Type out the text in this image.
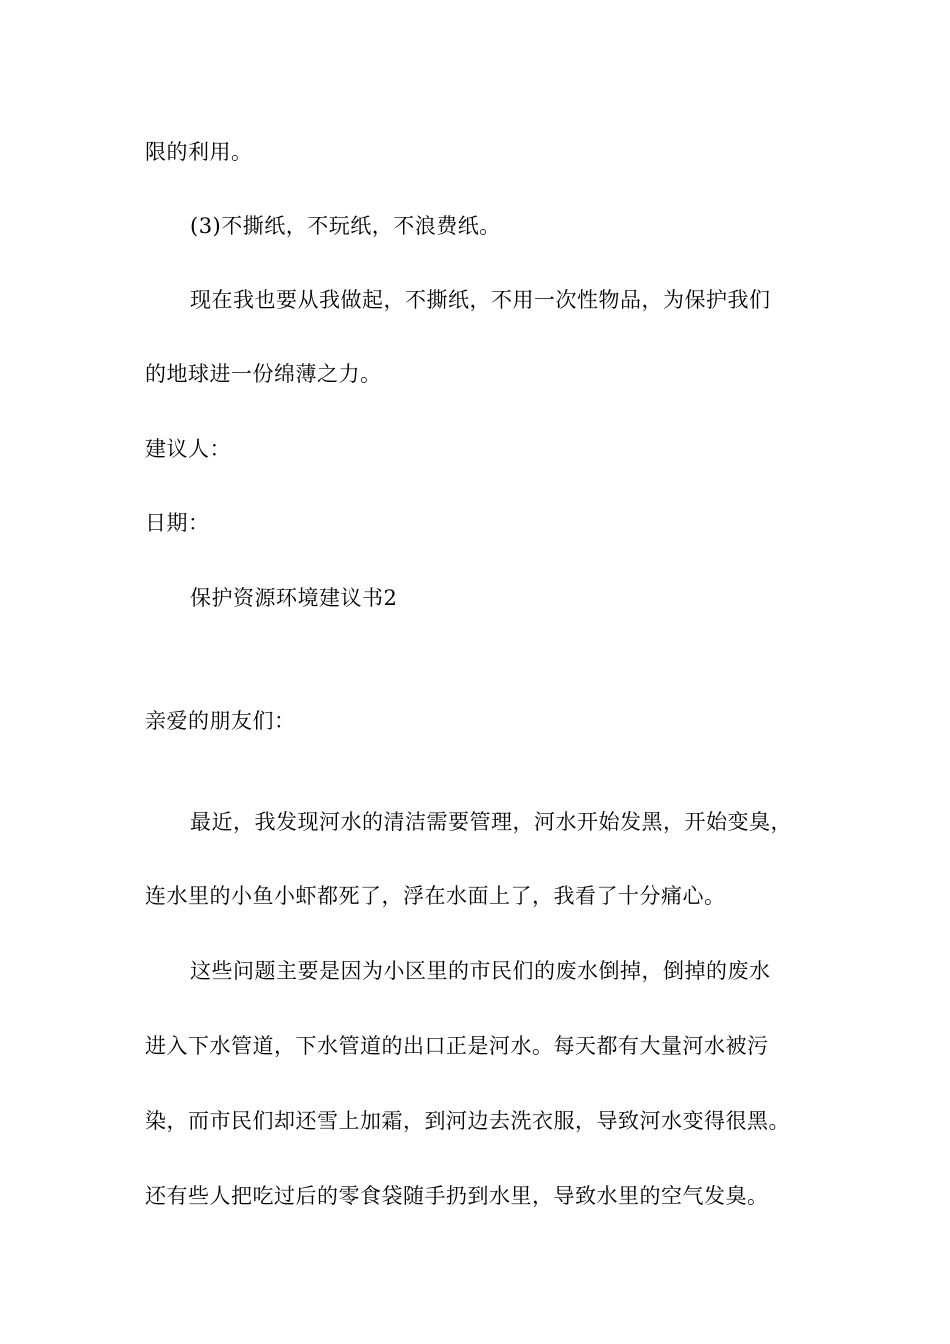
限的利用。
(3)不撕纸，不玩纸，不浪费纸。
现在我也要从我做起，不撕纸，不用一次性物品，为保护我们
的地球进一份绵薄之力。
建议人：
日期：
保护资源环境建议书2
亲爱的朋友们：
最近，我发现河水的清洁需要管理，河水开始发黑，开始变臭，
连水里的小鱼小虾都死了，浮在水面上了，我看了十分痛心。
这些问题主要是因为小区里的市民们的废水倒掉，倒掉的废水
进入下水管道，下水管道的出口正是河水。每天都有大量河水被污
染，而市民们却还雪上加霜，到河边去洗衣服，导致河水变得很黑。
还有些人把吃过后的零食袋随手扔到水里，导致水里的空气发臭。
